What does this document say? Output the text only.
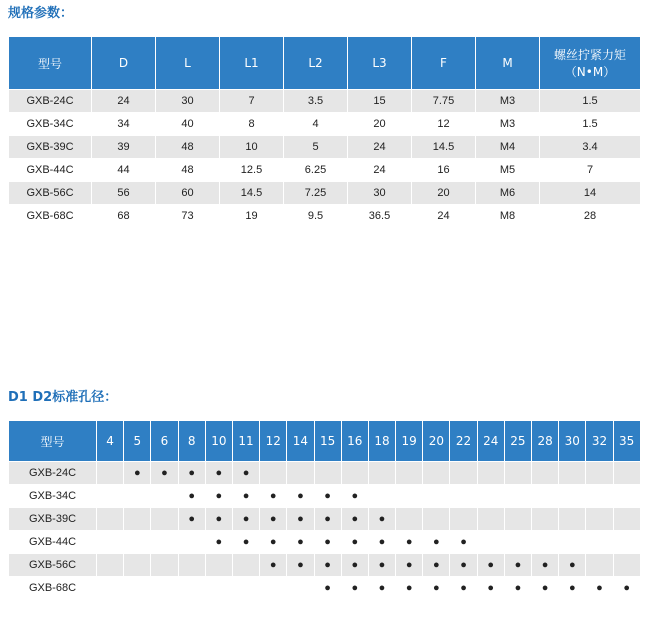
规格参数：
型号	D	L	L1	L2	L3	F	M	螺丝拧紧力矩
（N•M）

GXB-24C	24	30	7	3.5	15	7.75	M3	1.5
GXB-34C	34	40	8	4	20	12	M3	1.5
GXB-39C	39	48	10	5	24	14.5	M4	3.4
GXB-44C	44	48	12.5	6.25	24	16	M5	7
GXB-56C	56	60	14.5	7.25	30	20	M6	14
GXB-68C	68	73	19	9.5	36.5	24	M8	28
D1 D2标准孔径：
型号	4	5	6	8	10	11	12	14	15	16	18	19	20	22	24	25	28	30	32	35
GXB-24C		●	●	●	●	●														
GXB-34C				●	●	●	●	●	●	●										
GXB-39C				●	●	●	●	●	●	●	●									
GXB-44C					●	●	●	●	●	●	●	●	●	●						
GXB-56C							●	●	●	●	●	●	●	●	●	●	●	●		
GXB-68C									●	●	●	●	●	●	●	●	●	●	●	●
